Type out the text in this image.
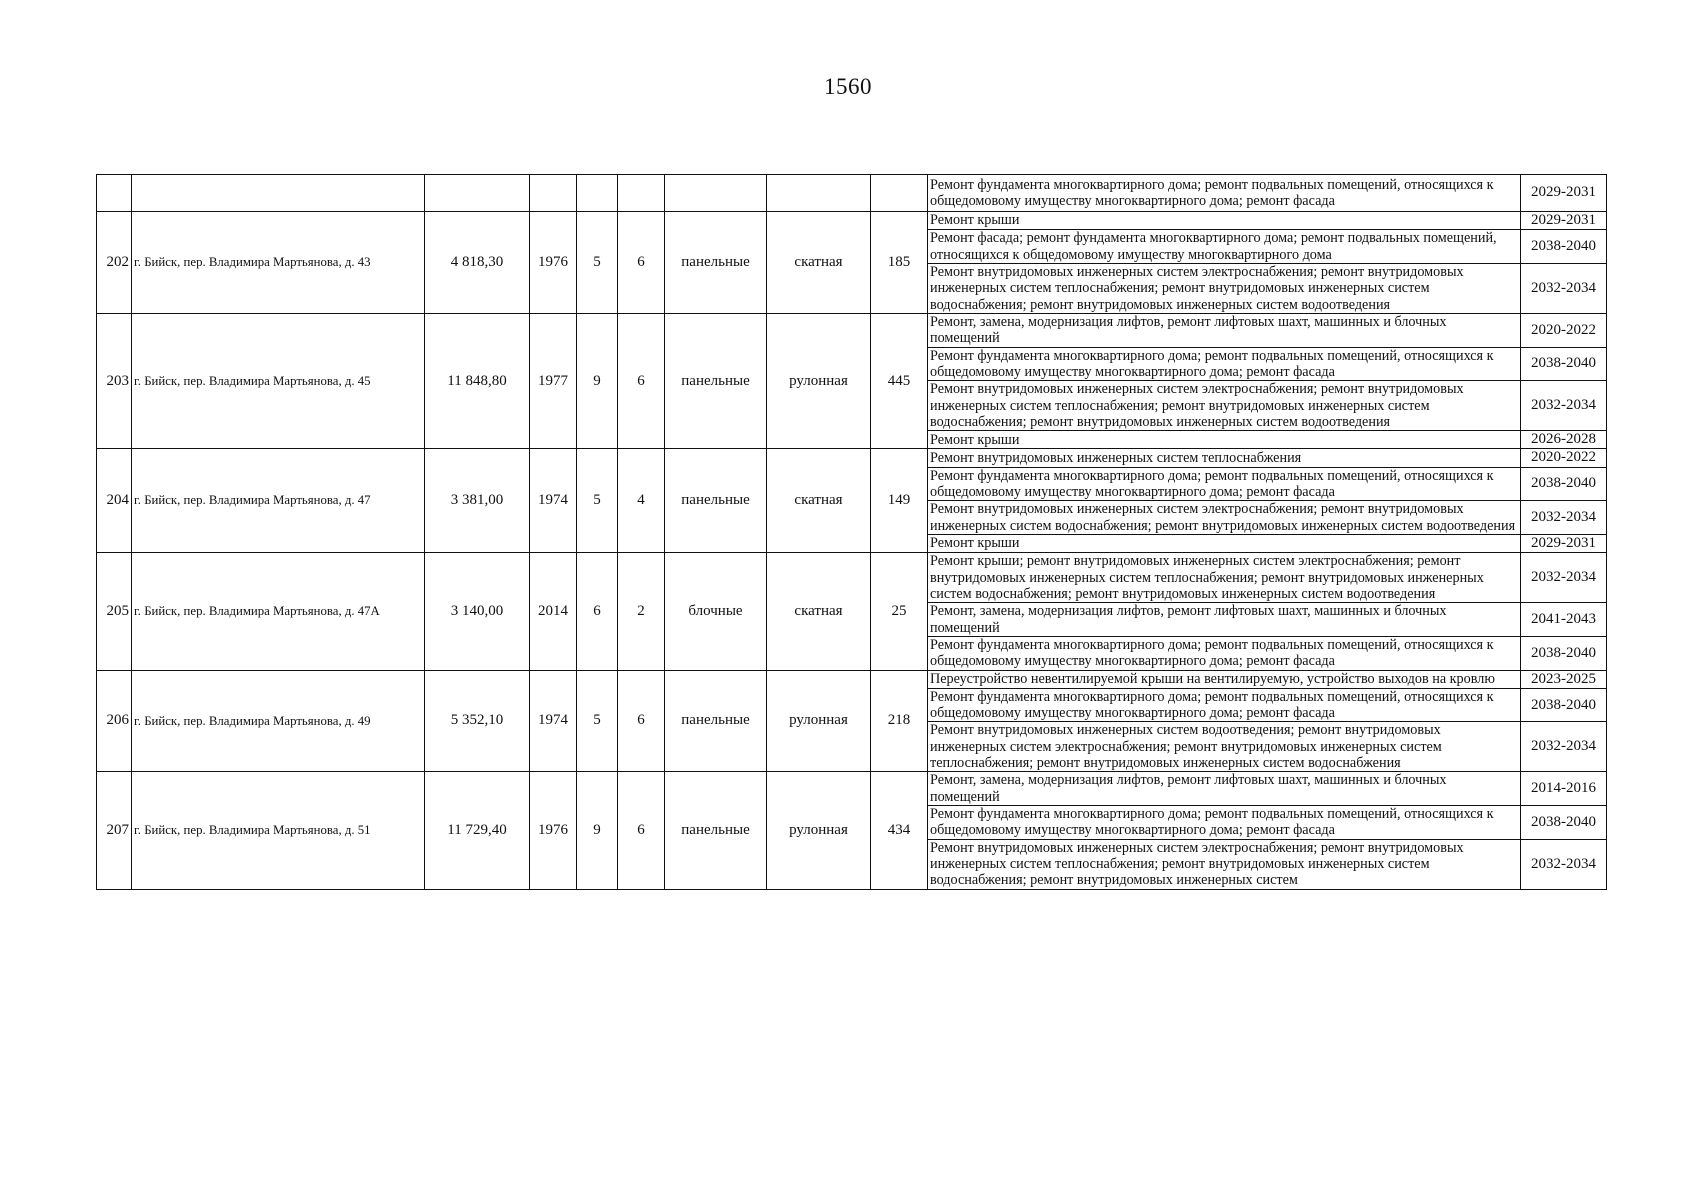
1560
									Ремонт фундамента многоквартирного дома; ремонт подвальных помещений, относящихся к общедомовому имуществу многоквартирного дома; ремонт фасада	2029-2031
202	г. Бийск, пер. Владимира Мартьянова, д. 43	4 818,30	1976	5	6	панельные	скатная	185	Ремонт крыши	2029-2031
									Ремонт фасада; ремонт фундамента многоквартирного дома; ремонт подвальных помещений, относящихся к общедомовому имуществу многоквартирного дома	2038-2040
									Ремонт внутридомовых инженерных систем электроснабжения; ремонт внутридомовых инженерных систем теплоснабжения; ремонт внутридомовых инженерных систем водоснабжения; ремонт внутридомовых инженерных систем водоотведения	2032-2034
203	г. Бийск, пер. Владимира Мартьянова, д. 45	11 848,80	1977	9	6	панельные	рулонная	445	Ремонт, замена, модернизация лифтов, ремонт лифтовых шахт, машинных и блочных помещений	2020-2022
									Ремонт фундамента многоквартирного дома; ремонт подвальных помещений, относящихся к общедомовому имуществу многоквартирного дома; ремонт фасада	2038-2040
									Ремонт внутридомовых инженерных систем электроснабжения; ремонт внутридомовых инженерных систем теплоснабжения; ремонт внутридомовых инженерных систем водоснабжения; ремонт внутридомовых инженерных систем водоотведения	2032-2034
									Ремонт крыши	2026-2028
204	г. Бийск, пер. Владимира Мартьянова, д. 47	3 381,00	1974	5	4	панельные	скатная	149	Ремонт внутридомовых инженерных систем теплоснабжения	2020-2022
									Ремонт фундамента многоквартирного дома; ремонт подвальных помещений, относящихся к общедомовому имуществу многоквартирного дома; ремонт фасада	2038-2040
									Ремонт внутридомовых инженерных систем электроснабжения; ремонт внутридомовых инженерных систем водоснабжения; ремонт внутридомовых инженерных систем водоотведения	2032-2034
									Ремонт крыши	2029-2031
205	г. Бийск, пер. Владимира Мартьянова, д. 47А	3 140,00	2014	6	2	блочные	скатная	25	Ремонт крыши; ремонт внутридомовых инженерных систем электроснабжения; ремонт внутридомовых инженерных систем теплоснабжения; ремонт внутридомовых инженерных систем водоснабжения; ремонт внутридомовых инженерных систем водоотведения	2032-2034
									Ремонт, замена, модернизация лифтов, ремонт лифтовых шахт, машинных и блочных помещений	2041-2043
									Ремонт фундамента многоквартирного дома; ремонт подвальных помещений, относящихся к общедомовому имуществу многоквартирного дома; ремонт фасада	2038-2040
206	г. Бийск, пер. Владимира Мартьянова, д. 49	5 352,10	1974	5	6	панельные	рулонная	218	Переустройство невентилируемой крыши на вентилируемую, устройство выходов на кровлю	2023-2025
									Ремонт фундамента многоквартирного дома; ремонт подвальных помещений, относящихся к общедомовому имуществу многоквартирного дома; ремонт фасада	2038-2040
									Ремонт внутридомовых инженерных систем водоотведения; ремонт внутридомовых инженерных систем электроснабжения; ремонт внутридомовых инженерных систем теплоснабжения; ремонт внутридомовых инженерных систем водоснабжения	2032-2034
207	г. Бийск, пер. Владимира Мартьянова, д. 51	11 729,40	1976	9	6	панельные	рулонная	434	Ремонт, замена, модернизация лифтов, ремонт лифтовых шахт, машинных и блочных помещений	2014-2016
									Ремонт фундамента многоквартирного дома; ремонт подвальных помещений, относящихся к общедомовому имуществу многоквартирного дома; ремонт фасада	2038-2040
									Ремонт внутридомовых инженерных систем электроснабжения; ремонт внутридомовых инженерных систем теплоснабжения; ремонт внутридомовых инженерных систем водоснабжения; ремонт внутридомовых инженерных систем	2032-2034
